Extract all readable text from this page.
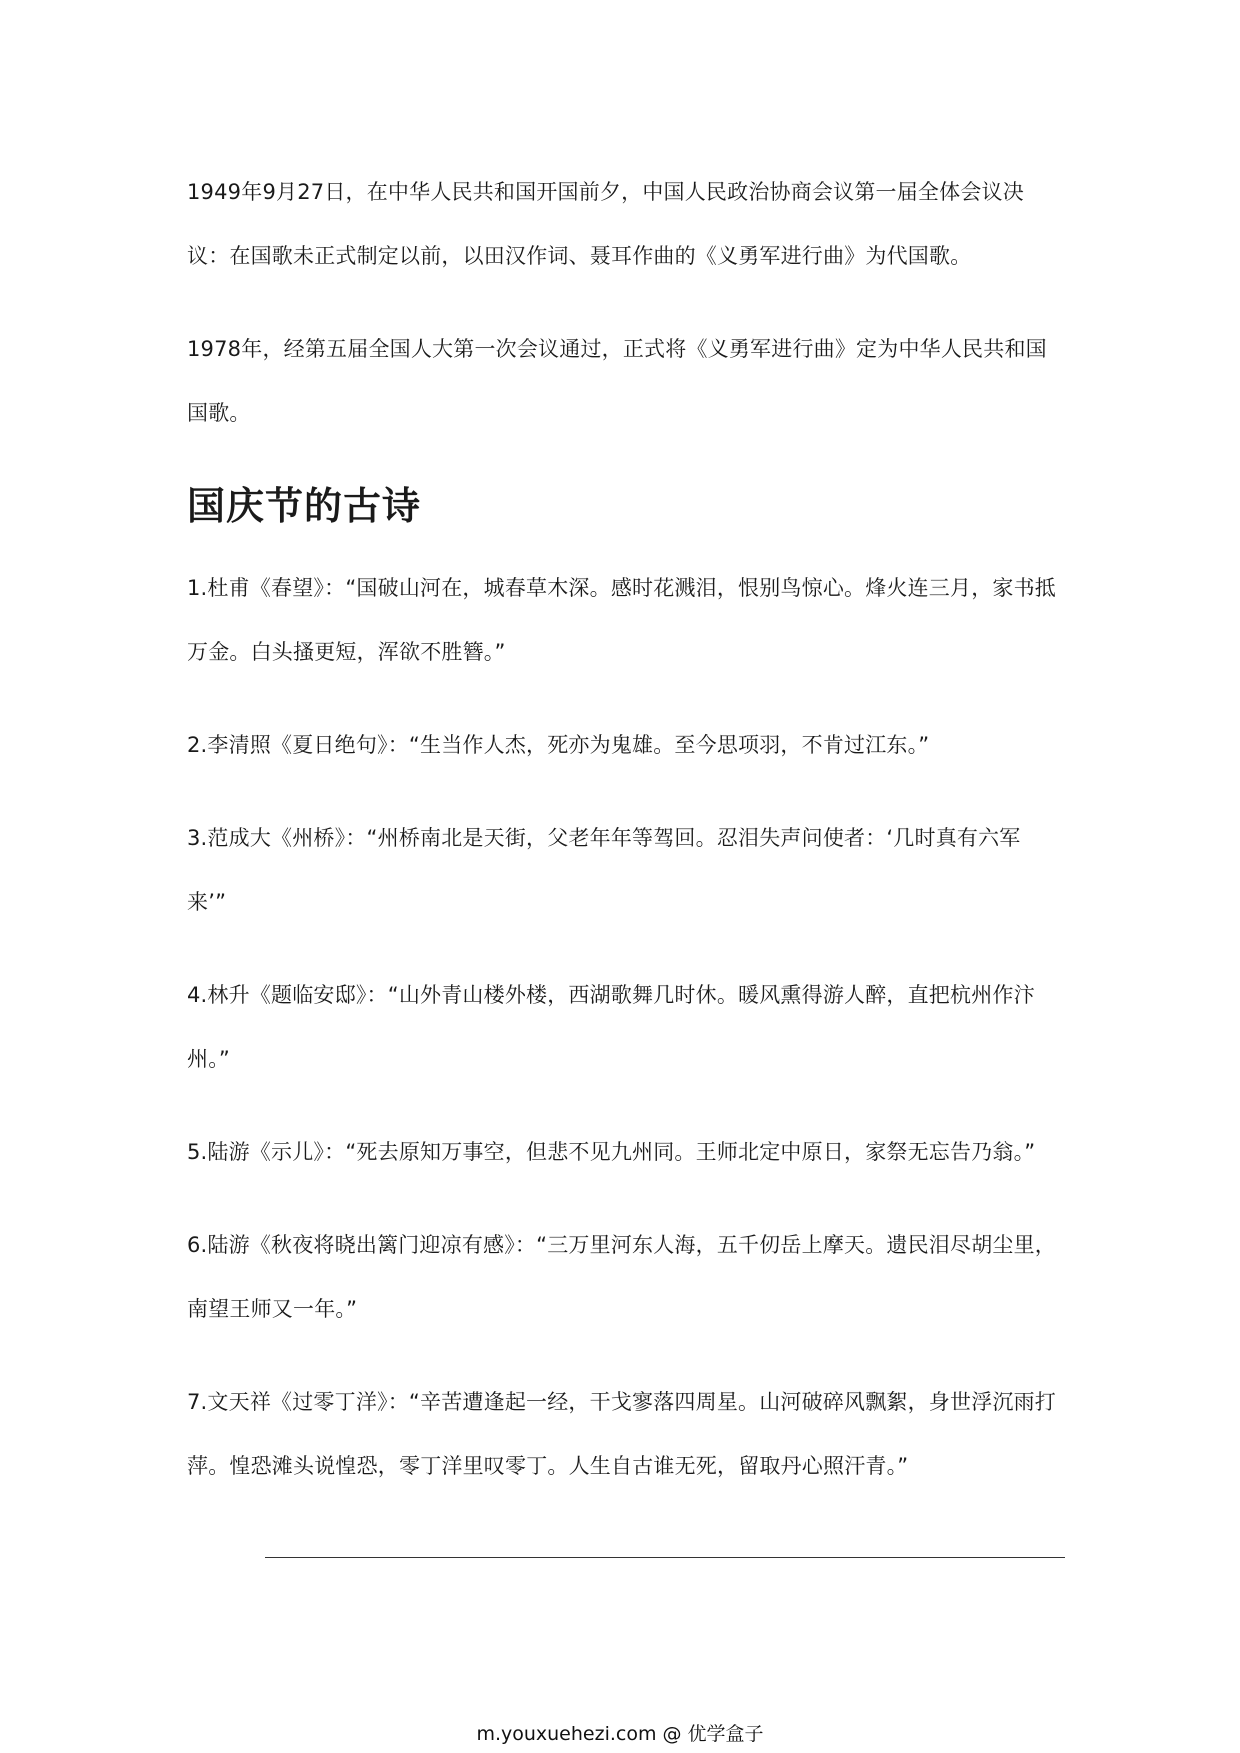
1949年9月27日，在中华人民共和国开国前夕，中国人民政治协商会议第一届全体会议决议：在国歌未正式制定以前，以田汉作词、聂耳作曲的《义勇军进行曲》为代国歌。

1978年，经第五届全国人大第一次会议通过，正式将《义勇军进行曲》定为中华人民共和国国歌。

国庆节的古诗
1.杜甫《春望》：“国破山河在，城春草木深。感时花溅泪，恨别鸟惊心。烽火连三月，家书抵万金。白头搔更短，浑欲不胜簪。”
2.李清照《夏日绝句》：“生当作人杰，死亦为鬼雄。至今思项羽，不肯过江东。”
3.范成大《州桥》：“州桥南北是天街，父老年年等驾回。忍泪失声问使者：‘几时真有六军来’”
4.林升《题临安邸》：“山外青山楼外楼，西湖歌舞几时休。暖风熏得游人醉，直把杭州作汴州。”
5.陆游《示儿》：“死去原知万事空，但悲不见九州同。王师北定中原日，家祭无忘告乃翁。”
6.陆游《秋夜将晓出篱门迎凉有感》：“三万里河东人海，五千仞岳上摩天。遗民泪尽胡尘里，南望王师又一年。”
7.文天祥《过零丁洋》：“辛苦遭逢起一经，干戈寥落四周星。山河破碎风飘絮，身世浮沉雨打萍。惶恐滩头说惶恐，零丁洋里叹零丁。人生自古谁无死，留取丹心照汗青。”
m.youxuehezi.com @ 优学盒子
